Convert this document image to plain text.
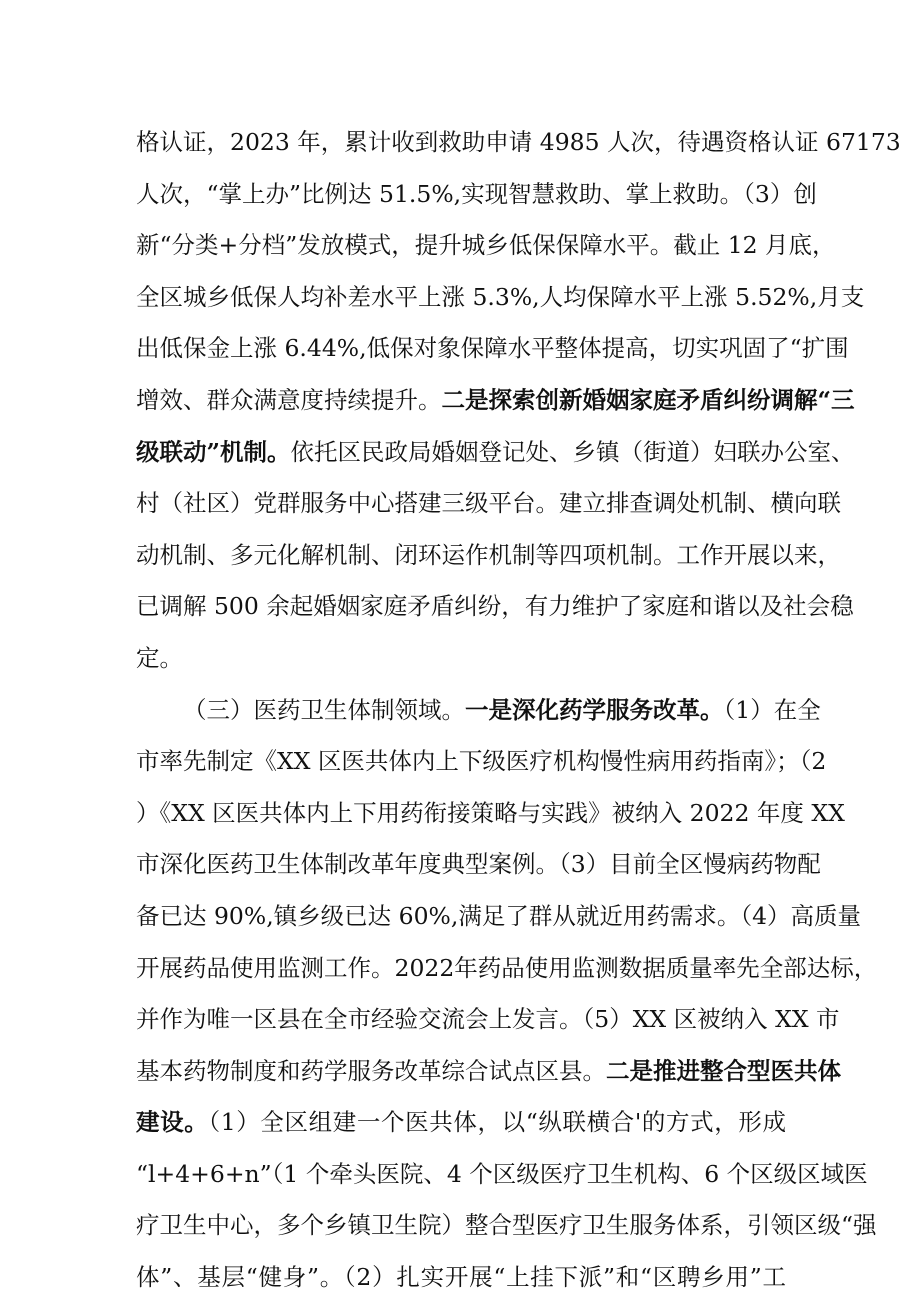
格认证，2023 年，累计收到救助申请 4985 人次，待遇资格认证 67173
人次，“掌上办”比例达 51.5%,实现智慧救助、掌上救助。（3）创
新“分类+分档”发放模式，提升城乡低保保障水平。截止 12 月底，
全区城乡低保人均补差水平上涨 5.3%,人均保障水平上涨 5.52%,月支
出低保金上涨 6.44%,低保对象保障水平整体提高，切实巩固了“扩围
增效、群众满意度持续提升。二是探索创新婚姻家庭矛盾纠纷调解“三
级联动”机制。依托区民政局婚姻登记处、乡镇（街道）妇联办公室、
村（社区）党群服务中心搭建三级平台。建立排查调处机制、横向联
动机制、多元化解机制、闭环运作机制等四项机制。工作开展以来，
已调解 500 余起婚姻家庭矛盾纠纷，有力维护了家庭和谐以及社会稳
定。
（三）医药卫生体制领域。一是深化药学服务改革。（1）在全
市率先制定《XX 区医共体内上下级医疗机构慢性病用药指南》；（2
）《XX 区医共体内上下用药衔接策略与实践》被纳入 2022 年度 XX
市深化医药卫生体制改革年度典型案例。（3）目前全区慢病药物配
备已达 90%,镇乡级已达 60%,满足了群从就近用药需求。（4）高质量
开展药品使用监测工作。2022年药品使用监测数据质量率先全部达标，
并作为唯一区县在全市经验交流会上发言。（5）XX 区被纳入 XX 市
基本药物制度和药学服务改革综合试点区县。二是推进整合型医共体
建设。（1）全区组建一个医共体，以“纵联横合'的方式，形成
“l+4+6+n”（1 个牵头医院、4 个区级医疗卫生机构、6 个区级区域医
疗卫生中心，多个乡镇卫生院）整合型医疗卫生服务体系，引领区级“强
体”、基层“健身”。（2）扎实开展“上挂下派”和“区聘乡用”工
